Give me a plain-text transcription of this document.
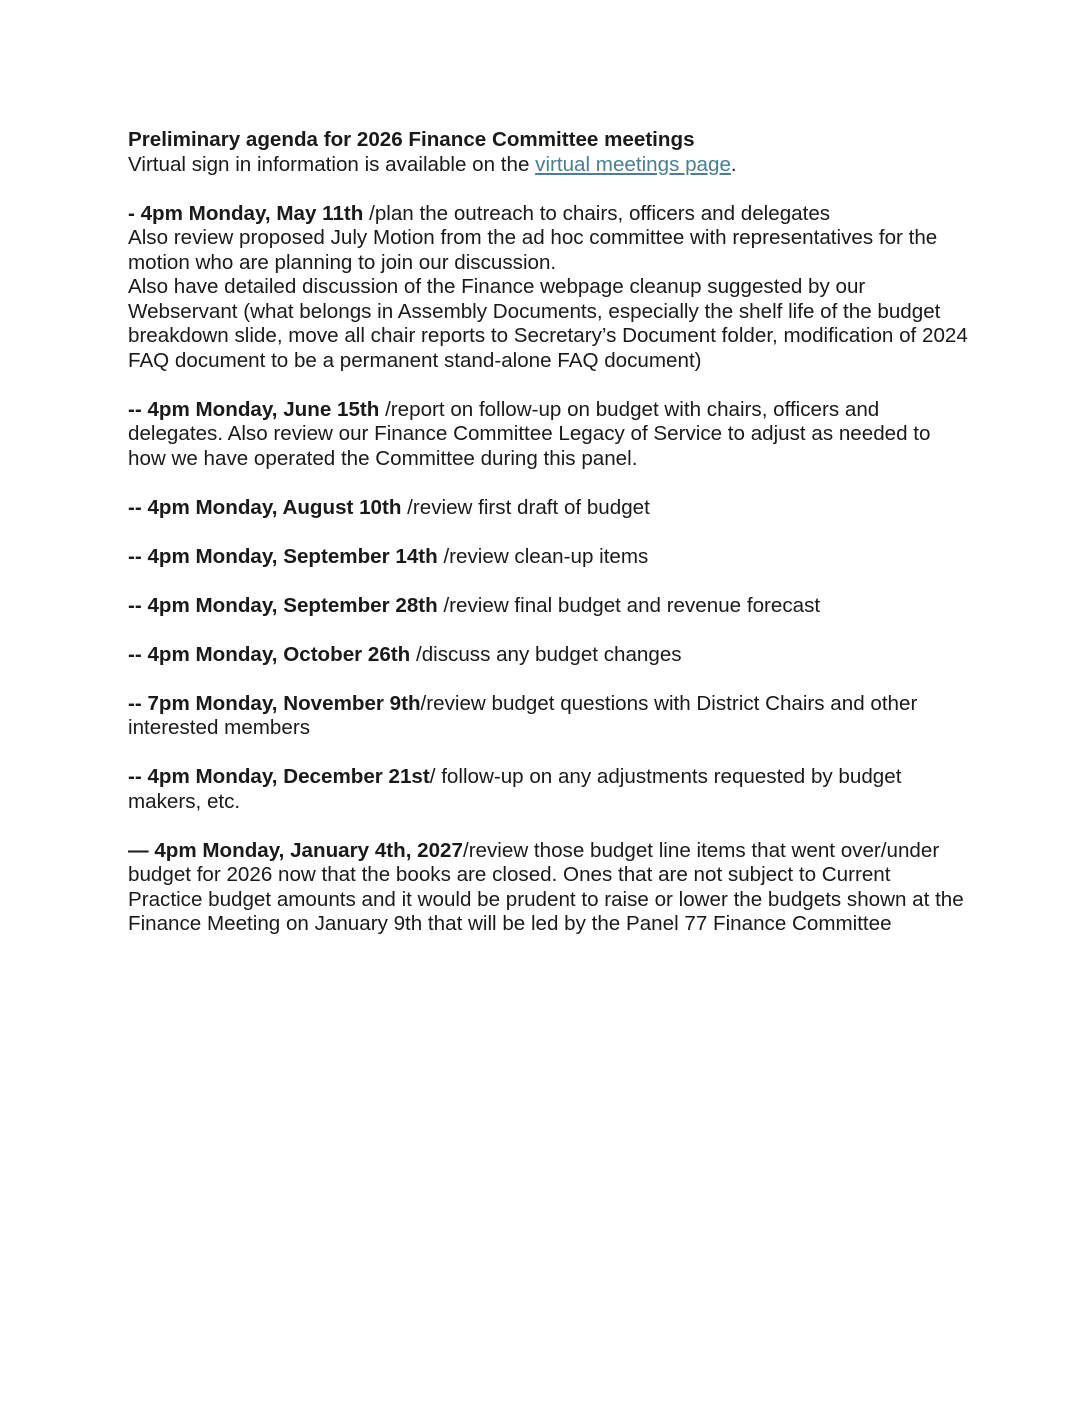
Preliminary agenda for 2026 Finance Committee meetings

Virtual sign in information is available on the virtual meetings page.

- 4pm Monday, May 11th /plan the outreach to chairs, officers and delegates

Also review proposed July Motion from the ad hoc committee with representatives for the motion who are planning to join our discussion.

Also have detailed discussion of the Finance webpage cleanup suggested by our Webservant (what belongs in Assembly Documents, especially the shelf life of the budget breakdown slide, move all chair reports to Secretary’s Document folder, modification of 2024 FAQ document to be a permanent stand-alone FAQ document)

-- 4pm Monday, June 15th /report on follow-up on budget with chairs, officers and delegates. Also review our Finance Committee Legacy of Service to adjust as needed to how we have operated the Committee during this panel.

-- 4pm Monday, August 10th /review first draft of budget

-- 4pm Monday, September 14th /review clean-up items

-- 4pm Monday, September 28th /review final budget and revenue forecast

-- 4pm Monday, October 26th /discuss any budget changes

-- 7pm Monday, November 9th/review budget questions with District Chairs and other interested members

-- 4pm Monday, December 21st/ follow-up on any adjustments requested by budget makers, etc.

— 4pm Monday, January 4th, 2027/review those budget line items that went over/under budget for 2026 now that the books are closed. Ones that are not subject to Current Practice budget amounts and it would be prudent to raise or lower the budgets shown at the Finance Meeting on January 9th that will be led by the Panel 77 Finance Committee
